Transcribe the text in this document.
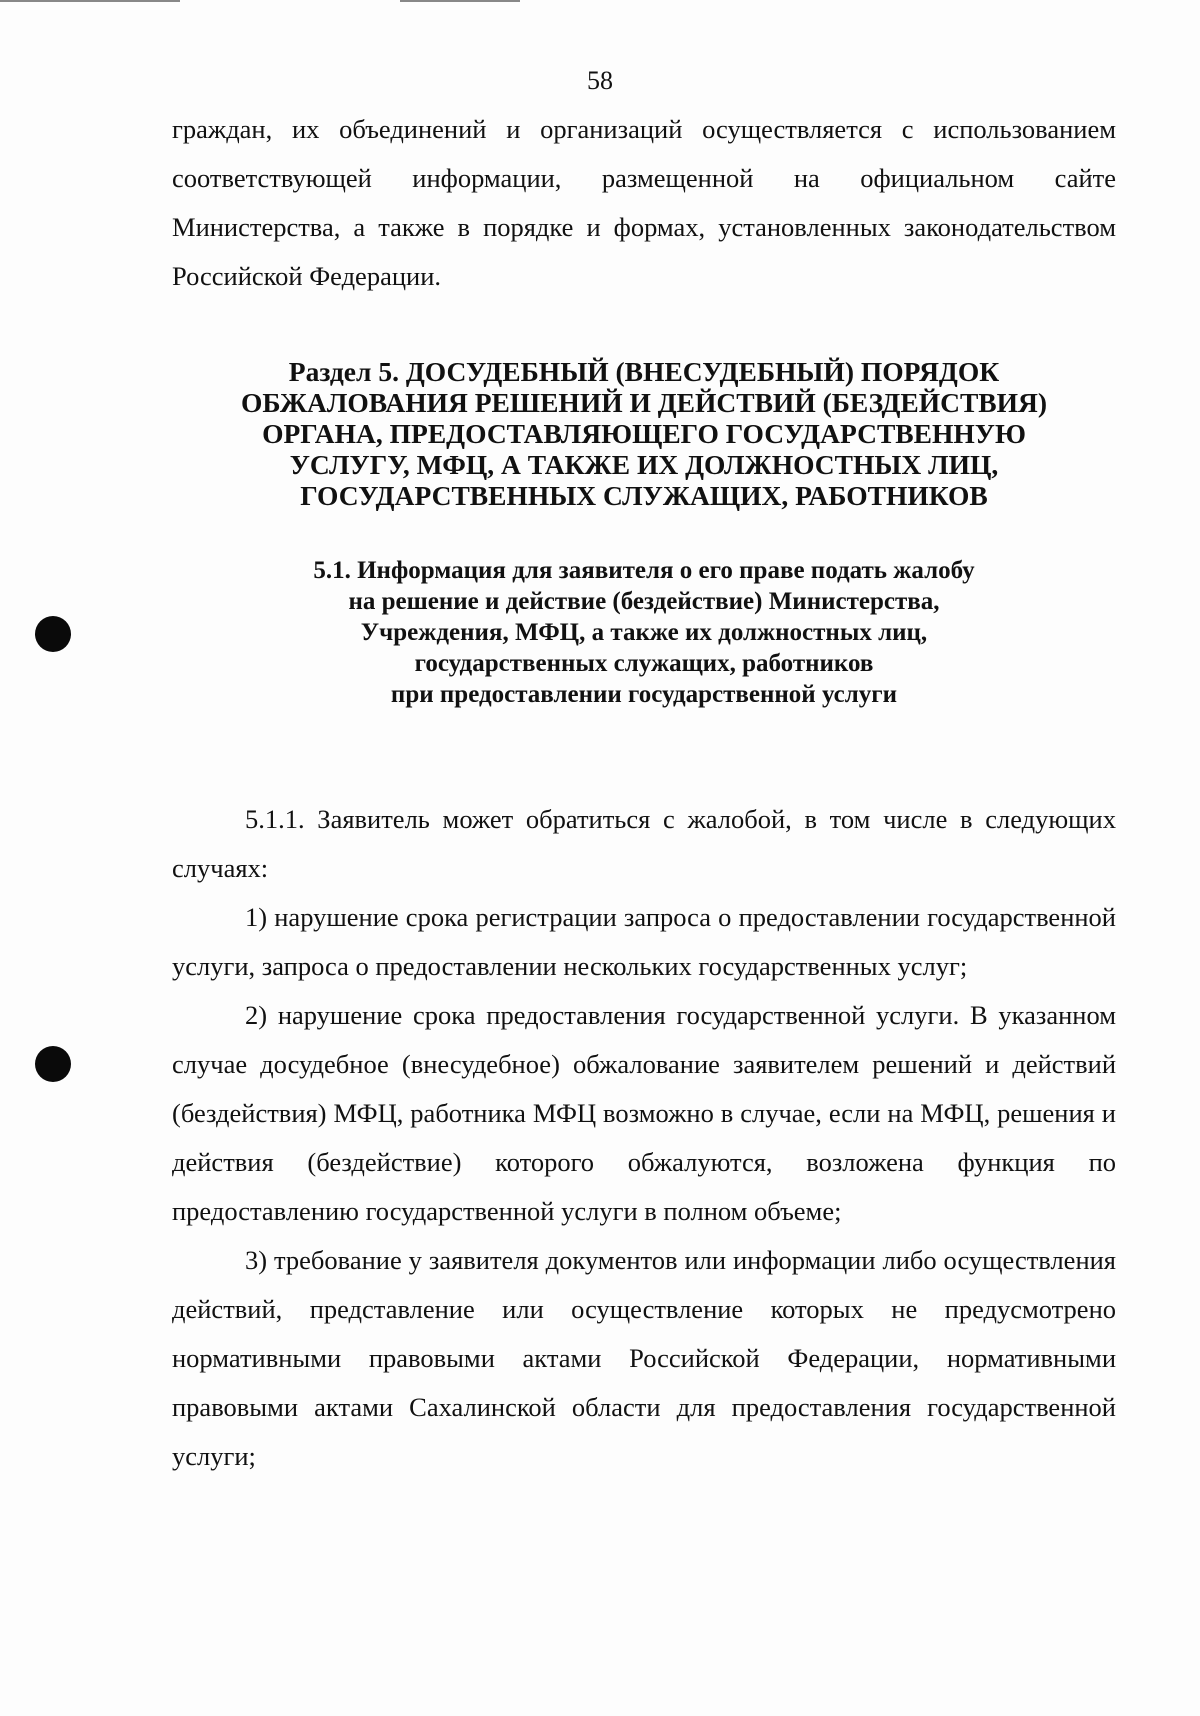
58

граждан, их объединений и организаций осуществляется с использованием соответствующей информации, размещенной на официальном сайте Министерства, а также в порядке и формах, установленных законодательством Российской Федерации.

Раздел 5. ДОСУДЕБНЫЙ (ВНЕСУДЕБНЫЙ) ПОРЯДОК
ОБЖАЛОВАНИЯ РЕШЕНИЙ И ДЕЙСТВИЙ (БЕЗДЕЙСТВИЯ)
ОРГАНА, ПРЕДОСТАВЛЯЮЩЕГО ГОСУДАРСТВЕННУЮ
УСЛУГУ, МФЦ, А ТАКЖЕ ИХ ДОЛЖНОСТНЫХ ЛИЦ,
ГОСУДАРСТВЕННЫХ СЛУЖАЩИХ, РАБОТНИКОВ
5.1. Информация для заявителя о его праве подать жалобу
на решение и действие (бездействие) Министерства,
Учреждения, МФЦ, а также их должностных лиц,
государственных служащих, работников
при предоставлении государственной услуги

5.1.1. Заявитель может обратиться с жалобой, в том числе в следующих случаях:

1) нарушение срока регистрации запроса о предоставлении государственной услуги, запроса о предоставлении нескольких государственных услуг;

2) нарушение срока предоставления государственной услуги. В указанном случае досудебное (внесудебное) обжалование заявителем решений и действий (бездействия) МФЦ, работника МФЦ возможно в случае, если на МФЦ, решения и действия (бездействие) которого обжалуются, возложена функция по предоставлению государственной услуги в полном объеме;

3) требование у заявителя документов или информации либо осуществления действий, представление или осуществление которых не предусмотрено нормативными правовыми актами Российской Федерации, нормативными правовыми актами Сахалинской области для предоставления государственной услуги;
